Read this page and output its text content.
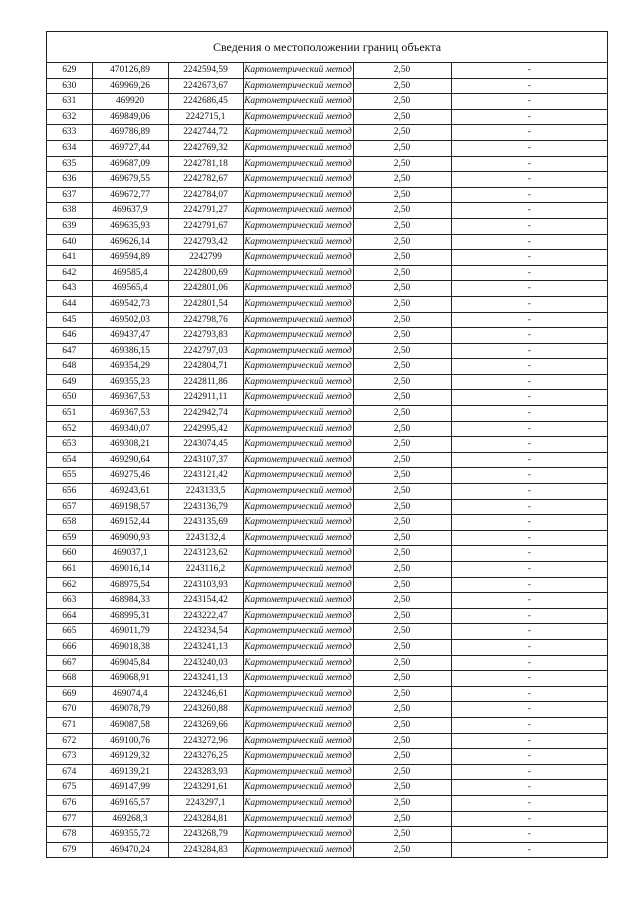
Сведения о местоположении границ объекта
629	470126,89	2242594,59	Картометрический метод	2,50	-
630	469969,26	2242673,67	Картометрический метод	2,50	-
631	469920	2242686,45	Картометрический метод	2,50	-
632	469849,06	2242715,1	Картометрический метод	2,50	-
633	469786,89	2242744,72	Картометрический метод	2,50	-
634	469727,44	2242769,32	Картометрический метод	2,50	-
635	469687,09	2242781,18	Картометрический метод	2,50	-
636	469679,55	2242782,67	Картометрический метод	2,50	-
637	469672,77	2242784,07	Картометрический метод	2,50	-
638	469637,9	2242791,27	Картометрический метод	2,50	-
639	469635,93	2242791,67	Картометрический метод	2,50	-
640	469626,14	2242793,42	Картометрический метод	2,50	-
641	469594,89	2242799	Картометрический метод	2,50	-
642	469585,4	2242800,69	Картометрический метод	2,50	-
643	469565,4	2242801,06	Картометрический метод	2,50	-
644	469542,73	2242801,54	Картометрический метод	2,50	-
645	469502,03	2242798,76	Картометрический метод	2,50	-
646	469437,47	2242793,83	Картометрический метод	2,50	-
647	469386,15	2242797,03	Картометрический метод	2,50	-
648	469354,29	2242804,71	Картометрический метод	2,50	-
649	469355,23	2242811,86	Картометрический метод	2,50	-
650	469367,53	2242911,11	Картометрический метод	2,50	-
651	469367,53	2242942,74	Картометрический метод	2,50	-
652	469340,07	2242995,42	Картометрический метод	2,50	-
653	469308,21	2243074,45	Картометрический метод	2,50	-
654	469290,64	2243107,37	Картометрический метод	2,50	-
655	469275,46	2243121,42	Картометрический метод	2,50	-
656	469243,61	2243133,5	Картометрический метод	2,50	-
657	469198,57	2243136,79	Картометрический метод	2,50	-
658	469152,44	2243135,69	Картометрический метод	2,50	-
659	469090,93	2243132,4	Картометрический метод	2,50	-
660	469037,1	2243123,62	Картометрический метод	2,50	-
661	469016,14	2243116,2	Картометрический метод	2,50	-
662	468975,54	2243103,93	Картометрический метод	2,50	-
663	468984,33	2243154,42	Картометрический метод	2,50	-
664	468995,31	2243222,47	Картометрический метод	2,50	-
665	469011,79	2243234,54	Картометрический метод	2,50	-
666	469018,38	2243241,13	Картометрический метод	2,50	-
667	469045,84	2243240,03	Картометрический метод	2,50	-
668	469068,91	2243241,13	Картометрический метод	2,50	-
669	469074,4	2243246,61	Картометрический метод	2,50	-
670	469078,79	2243260,88	Картометрический метод	2,50	-
671	469087,58	2243269,66	Картометрический метод	2,50	-
672	469100,76	2243272,96	Картометрический метод	2,50	-
673	469129,32	2243276,25	Картометрический метод	2,50	-
674	469139,21	2243283,93	Картометрический метод	2,50	-
675	469147,99	2243291,61	Картометрический метод	2,50	-
676	469165,57	2243297,1	Картометрический метод	2,50	-
677	469268,3	2243284,81	Картометрический метод	2,50	-
678	469355,72	2243268,79	Картометрический метод	2,50	-
679	469470,24	2243284,83	Картометрический метод	2,50	-
